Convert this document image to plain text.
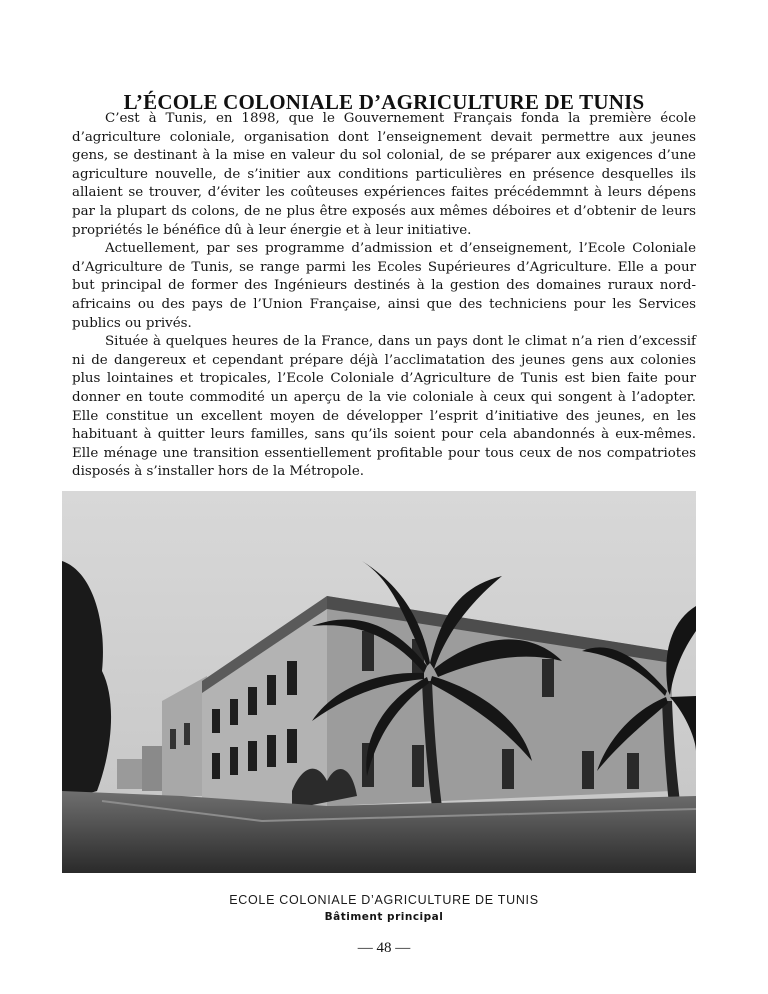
L’ÉCOLE COLONIALE D’AGRICULTURE DE TUNIS

C’est à Tunis, en 1898, que le Gouvernement Français fonda la première école d’agriculture coloniale, organisation dont l’enseignement devait permettre aux jeunes gens, se destinant à la mise en valeur du sol colonial, de se préparer aux exigences d’une agriculture nouvelle, de s’initier aux conditions particulières en présence desquelles ils allaient se trouver, d’éviter les coûteuses expériences faites précédemmnt à leurs dépens par la plupart ds colons, de ne plus être exposés aux mêmes déboires et d’obtenir de leurs propriétés le bénéfice dû à leur énergie et à leur initiative.

Actuellement, par ses programme d’admission et d’enseignement, l’Ecole Coloniale d’Agriculture de Tunis, se range parmi les Ecoles Supérieures d’Agriculture. Elle a pour but principal de former des Ingénieurs destinés à la gestion des domaines ruraux nord-africains ou des pays de l’Union Française, ainsi que des techniciens pour les Services publics ou privés.

Située à quelques heures de la France, dans un pays dont le climat n’a rien d’excessif ni de dangereux et cependant prépare déjà l’acclimatation des jeunes gens aux colonies plus lointaines et tropicales, l’Ecole Coloniale d’Agriculture de Tunis est bien faite pour donner en toute commodité un aperçu de la vie coloniale à ceux qui songent à l’adopter. Elle constitue un excellent moyen de développer l’esprit d’initiative des jeunes, en les habituant à quitter leurs familles, sans qu’ils soient pour cela abandonnés à eux-mêmes. Elle ménage une transition essentiellement profitable pour tous ceux de nos compatriotes disposés à s’installer hors de la Métropole.

ECOLE COLONIALE D’AGRICULTURE DE TUNIS
Bâtiment principal
— 48 —
